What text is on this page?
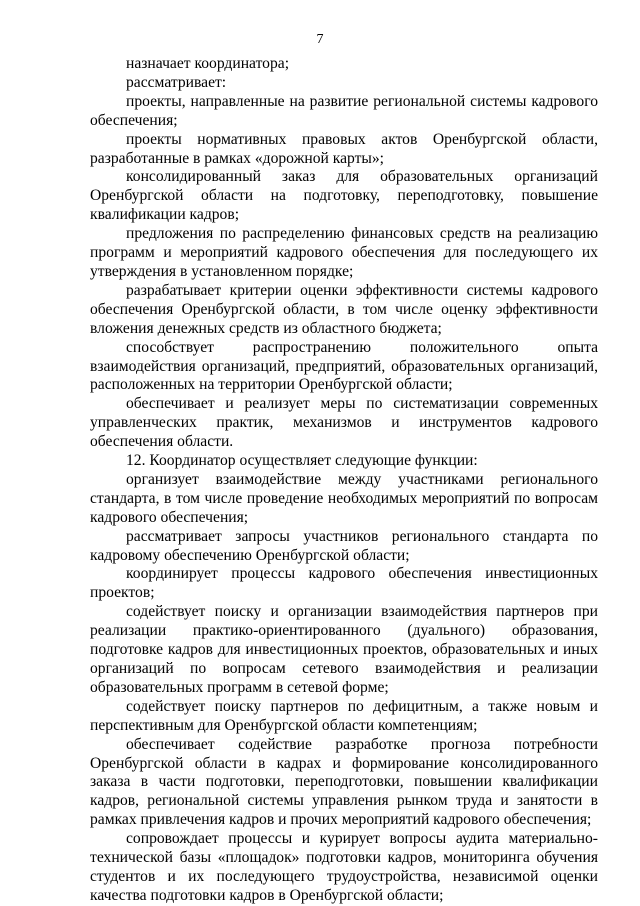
7

назначает координатора;

рассматривает:

проекты, направленные на развитие региональной системы кадрового обеспечения;

проекты нормативных правовых актов Оренбургской области, разработанные в рамках «дорожной карты»;

консолидированный заказ для образовательных организаций Оренбургской области на подготовку, переподготовку, повышение квалификации кадров;

предложения по распределению финансовых средств на реализацию программ и мероприятий кадрового обеспечения для последующего их утверждения в установленном порядке;

разрабатывает критерии оценки эффективности системы кадрового обеспечения Оренбургской области, в том числе оценку эффективности вложения денежных средств из областного бюджета;

способствует распространению положительного опыта взаимодействия организаций, предприятий, образовательных организаций, расположенных на территории Оренбургской области;

обеспечивает и реализует меры по систематизации современных управленческих практик, механизмов и инструментов кадрового обеспечения области.

12. Координатор осуществляет следующие функции:

организует взаимодействие между участниками регионального стандарта, в том числе проведение необходимых мероприятий по вопросам кадрового обеспечения;

рассматривает запросы участников регионального стандарта по кадровому обеспечению Оренбургской области;

координирует процессы кадрового обеспечения инвестиционных проектов;

содействует поиску и организации взаимодействия партнеров при реализации практико-ориентированного (дуального) образования, подготовке кадров для инвестиционных проектов, образовательных и иных организаций по вопросам сетевого взаимодействия и реализации образовательных программ в сетевой форме;

содействует поиску партнеров по дефицитным, а также новым и перспективным для Оренбургской области компетенциям;

обеспечивает содействие разработке прогноза потребности Оренбургской области в кадрах и формирование консолидированного заказа в части подготовки, переподготовки, повышении квалификации кадров, региональной системы управления рынком труда и занятости в рамках привлечения кадров и прочих мероприятий кадрового обеспечения;

сопровождает процессы и курирует вопросы аудита материально-технической базы «площадок» подготовки кадров, мониторинга обучения студентов и их последующего трудоустройства, независимой оценки качества подготовки кадров в Оренбургской области;
